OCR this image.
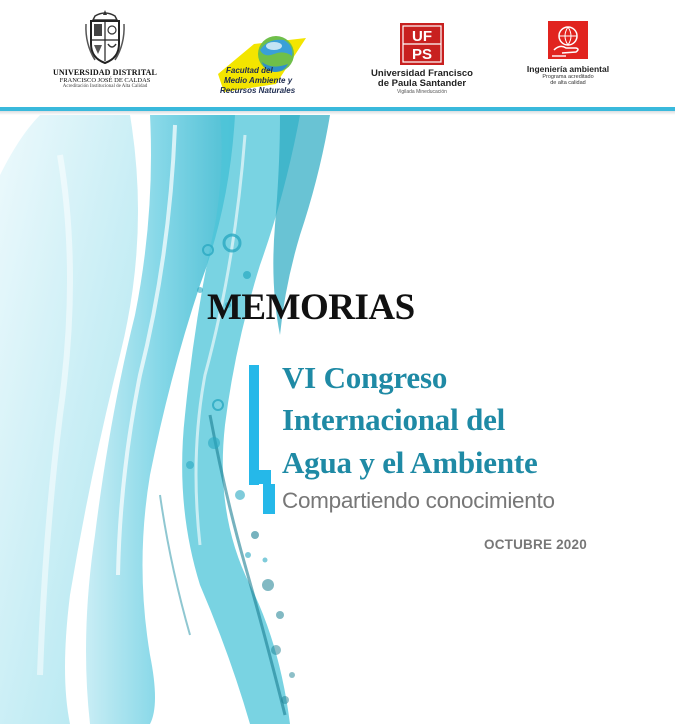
UNIVERSIDAD DISTRITAL
FRANCISCO JOSÉ DE CALDAS
Acreditación Institucional de Alta Calidad
Facultad del
Medio Ambiente y
Recursos Naturales
UF
PS
Universidad Francisco
de Paula Santander
Vigilada Mineducación
Ingeniería ambiental
Programa acreditado
de alta calidad
MEMORIAS
VI Congreso
Internacional del
Agua y el Ambiente
Compartiendo conocimiento
OCTUBRE 2020
